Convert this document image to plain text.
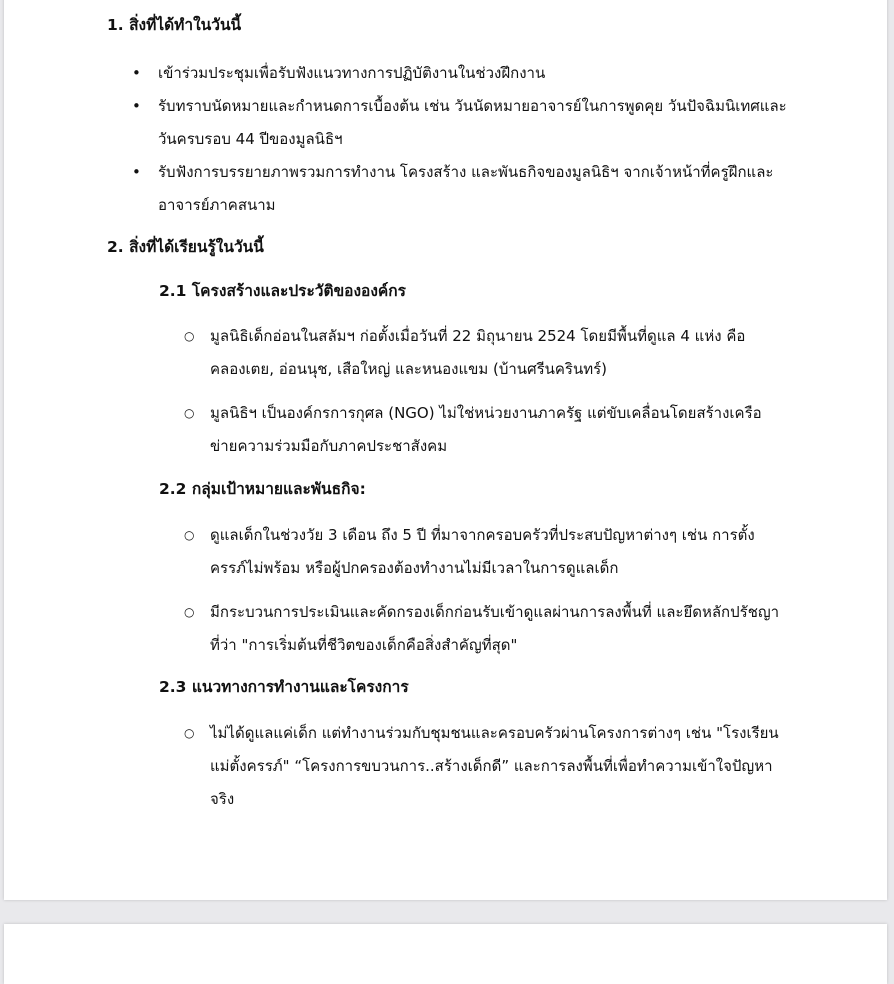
1. สิ่งที่ได้ทำในวันนี้
• เข้าร่วมประชุมเพื่อรับฟังแนวทางการปฏิบัติงานในช่วงฝึกงาน
• รับทราบนัดหมายและกำหนดการเบื้องต้น เช่น วันนัดหมายอาจารย์ในการพูดคุย วันปัจฉิมนิเทศและวันครบรอบ 44 ปีของมูลนิธิฯ
• รับฟังการบรรยายภาพรวมการทำงาน โครงสร้าง และพันธกิจของมูลนิธิฯ จากเจ้าหน้าที่ครูฝึกและอาจารย์ภาคสนาม
2. สิ่งที่ได้เรียนรู้ในวันนี้
2.1 โครงสร้างและประวัติขององค์กร
○ มูลนิธิเด็กอ่อนในสลัมฯ ก่อตั้งเมื่อวันที่ 22 มิถุนายน 2524 โดยมีพื้นที่ดูแล 4 แห่ง คือ คลองเตย, อ่อนนุช, เสือใหญ่ และหนองแขม (บ้านศรีนครินทร์)
○ มูลนิธิฯ เป็นองค์กรการกุศล (NGO) ไม่ใช่หน่วยงานภาครัฐ แต่ขับเคลื่อนโดยสร้างเครือข่ายความร่วมมือกับภาคประชาสังคม
2.2 กลุ่มเป้าหมายและพันธกิจ:
○ ดูแลเด็กในช่วงวัย 3 เดือน ถึง 5 ปี ที่มาจากครอบครัวที่ประสบปัญหาต่างๆ เช่น การตั้งครรภ์ไม่พร้อม หรือผู้ปกครองต้องทำงานไม่มีเวลาในการดูแลเด็ก
○ มีกระบวนการประเมินและคัดกรองเด็กก่อนรับเข้าดูแลผ่านการลงพื้นที่ และยึดหลักปรัชญาที่ว่า "การเริ่มต้นที่ชีวิตของเด็กคือสิ่งสำคัญที่สุด"
2.3 แนวทางการทำงานและโครงการ
○ ไม่ได้ดูแลแค่เด็ก แต่ทำงานร่วมกับชุมชนและครอบครัวผ่านโครงการต่างๆ เช่น "โรงเรียนแม่ตั้งครรภ์" “โครงการขบวนการ..สร้างเด็กดี” และการลงพื้นที่เพื่อทำความเข้าใจปัญหาจริง
